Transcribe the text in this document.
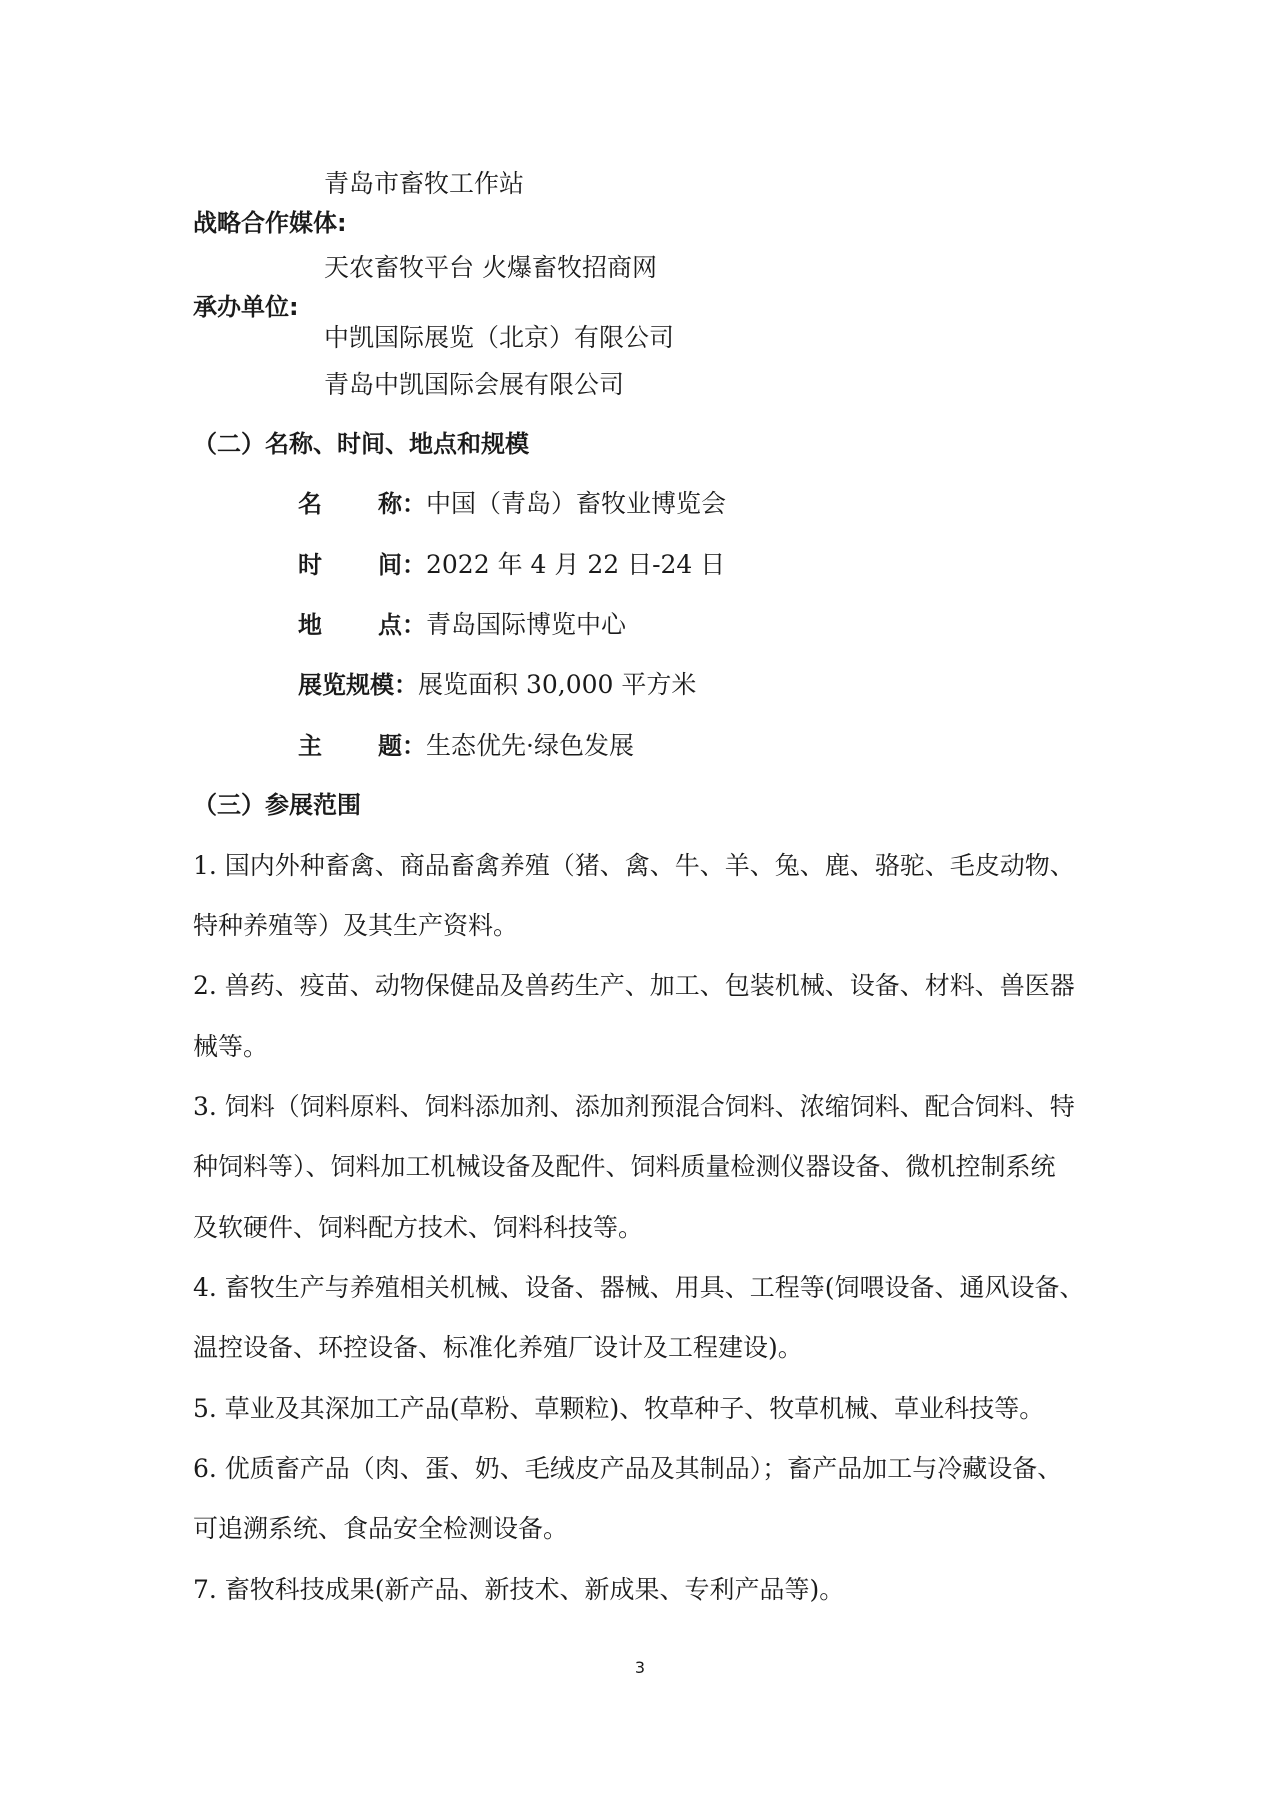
青岛市畜牧工作站
战略合作媒体:
天农畜牧平台 火爆畜牧招商网
承办单位:
中凯国际展览（北京）有限公司
青岛中凯国际会展有限公司
（二）名称、时间、地点和规模
名 称：中国（青岛）畜牧业博览会
时 间：2022 年 4 月 22 日-24 日
地 点：青岛国际博览中心
展览规模：展览面积 30,000 平方米
主 题：生态优先·绿色发展
（三）参展范围
1. 国内外种畜禽、商品畜禽养殖（猪、禽、牛、羊、兔、鹿、骆驼、毛皮动物、
特种养殖等）及其生产资料。
2. 兽药、疫苗、动物保健品及兽药生产、加工、包装机械、设备、材料、兽医器
械等。
3. 饲料（饲料原料、饲料添加剂、添加剂预混合饲料、浓缩饲料、配合饲料、特
种饲料等）、饲料加工机械设备及配件、饲料质量检测仪器设备、微机控制系统
及软硬件、饲料配方技术、饲料科技等。
4. 畜牧生产与养殖相关机械、设备、器械、用具、工程等(饲喂设备、通风设备、
温控设备、环控设备、标准化养殖厂设计及工程建设)。
5. 草业及其深加工产品(草粉、草颗粒)、牧草种子、牧草机械、草业科技等。
6. 优质畜产品（肉、蛋、奶、毛绒皮产品及其制品）；畜产品加工与冷藏设备、
可追溯系统、食品安全检测设备。
7. 畜牧科技成果(新产品、新技术、新成果、专利产品等)。
3
